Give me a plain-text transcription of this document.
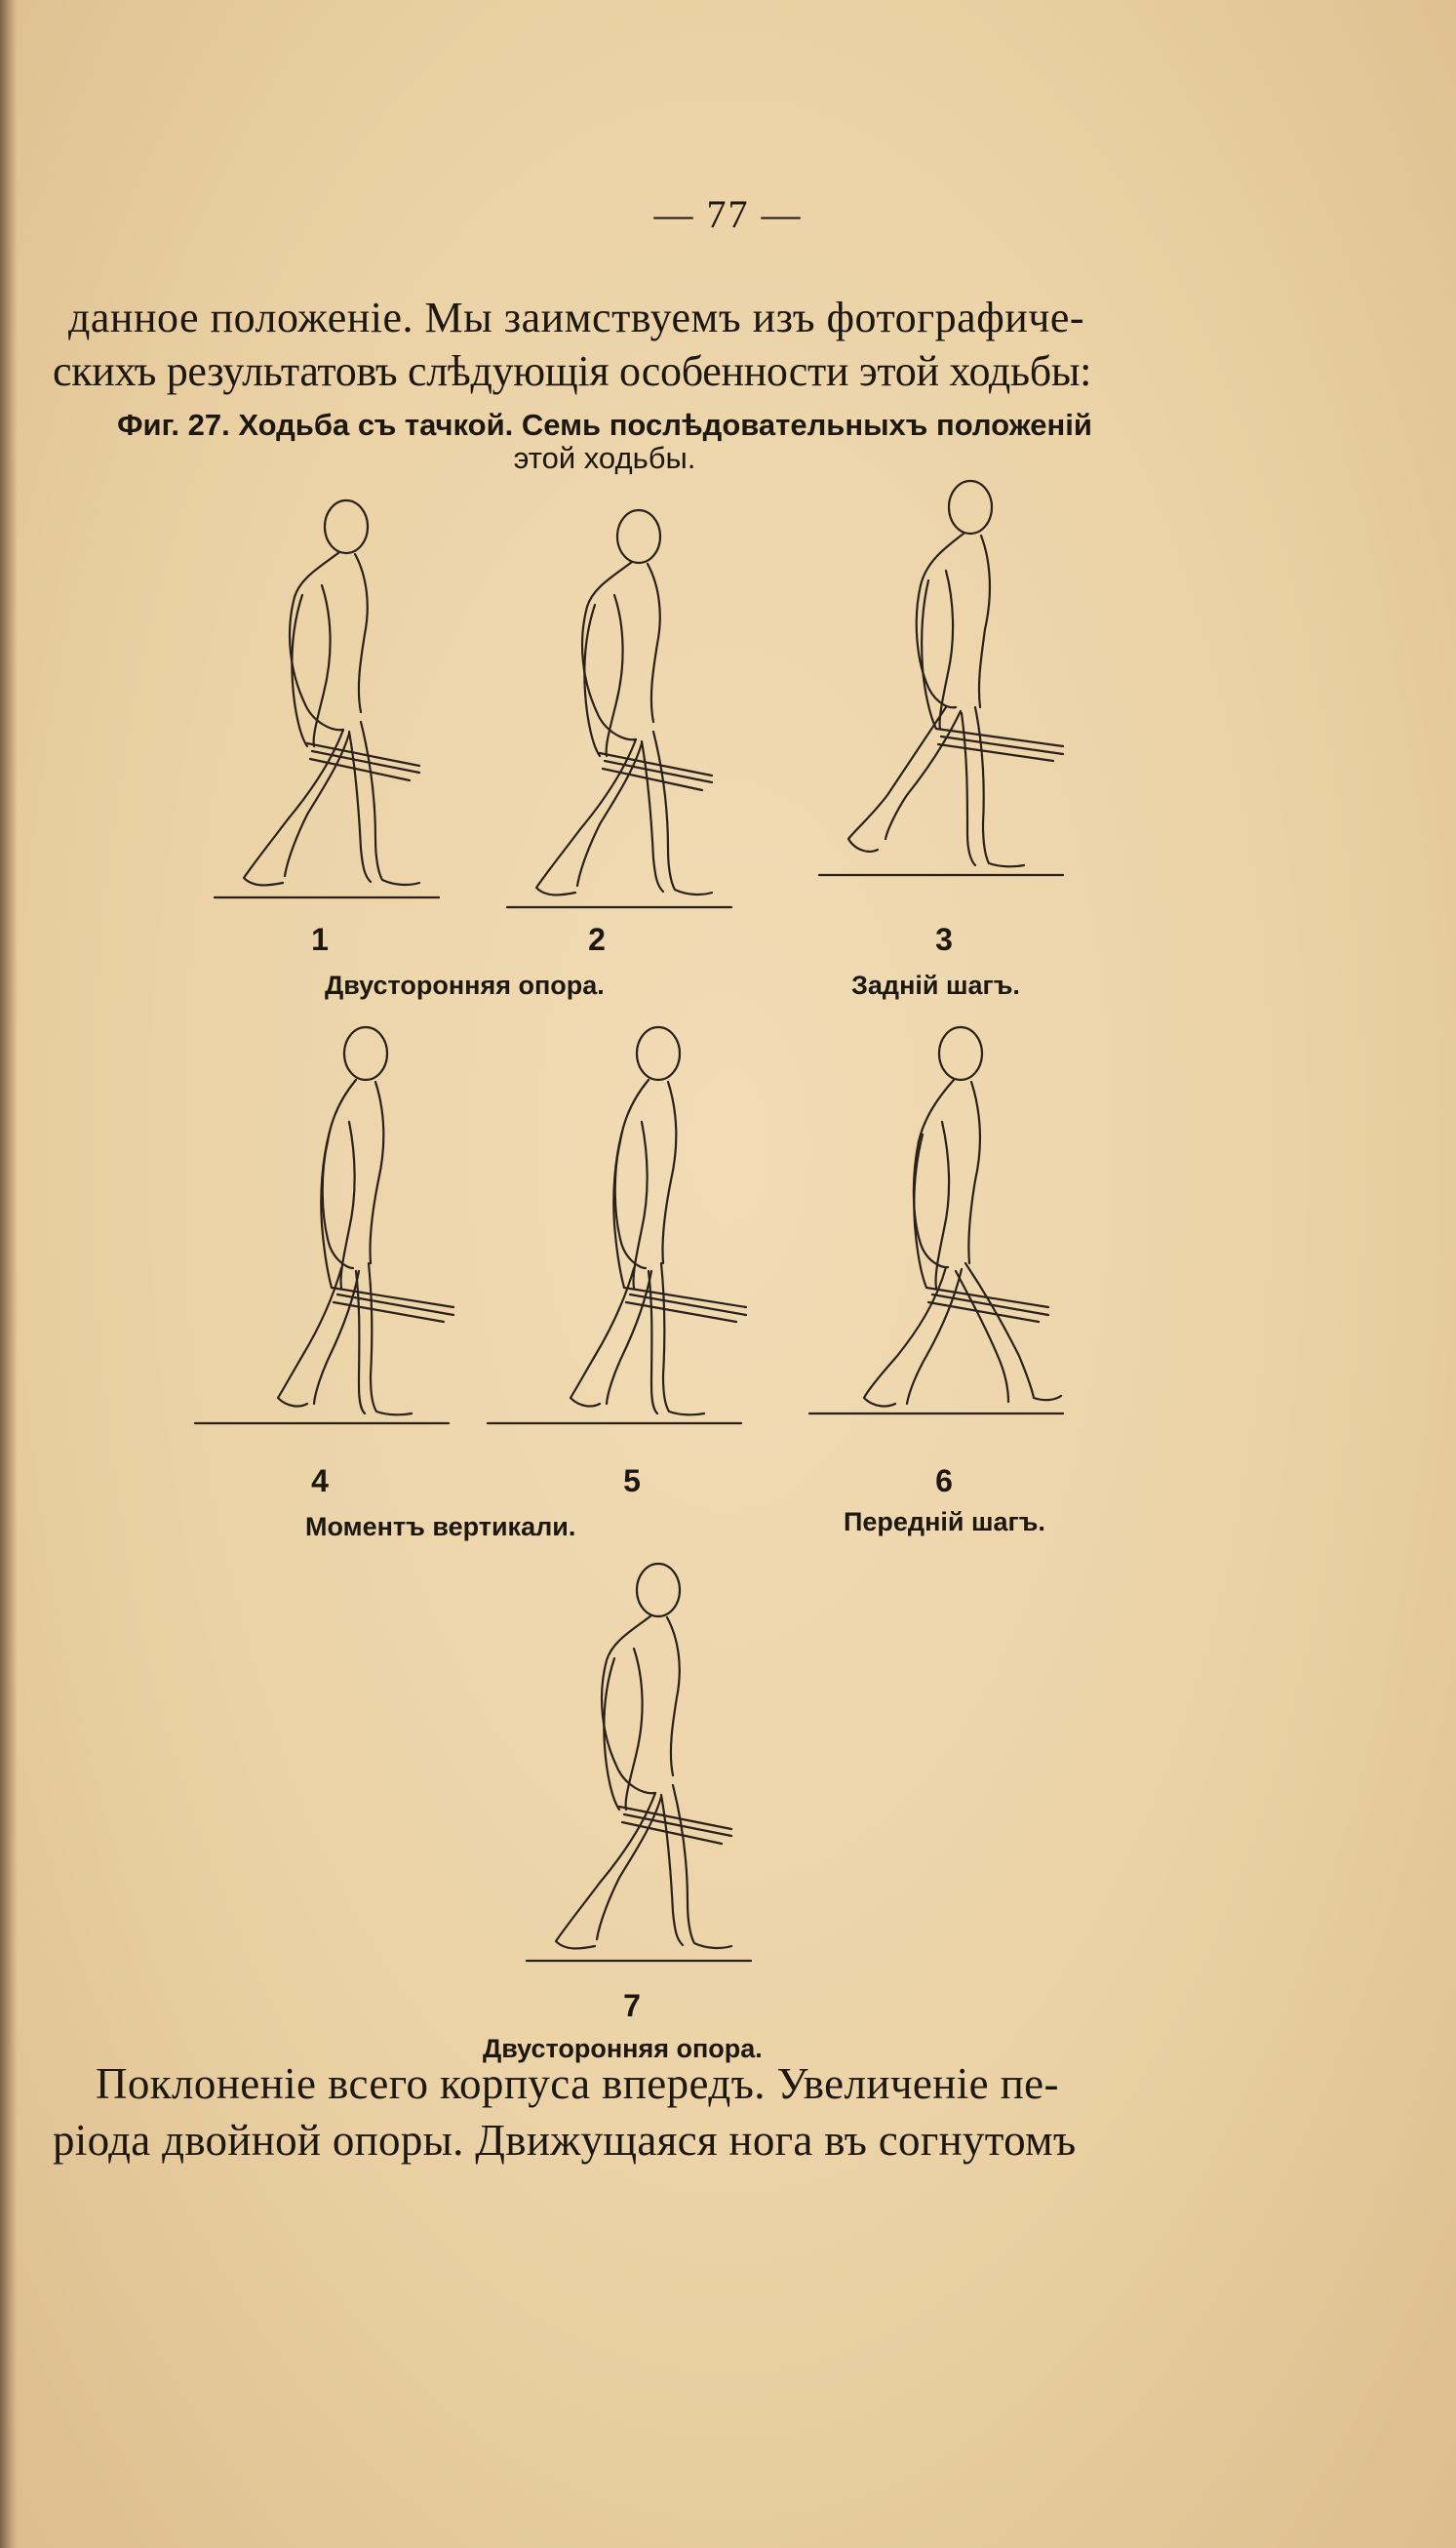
— 77 —
данное положенiе. Мы заимствуемъ изъ фотографиче-
скихъ результатовъ слѣдующiя особенности этой ходьбы:
Фиг. 27. Ходьба съ тачкой. Семь послѣдовательныхъ положенiй
этой ходьбы.
1	2	3
4	5	6
7
Двусторонняя опора.	Заднiй шагъ.
Моментъ вертикали.	Переднiй шагъ.
Двусторонняя опора.
Поклоненiе всего корпуса впередъ. Увеличенiе пе-
рiода двойной опоры. Движущаяся нога въ согнутомъ
